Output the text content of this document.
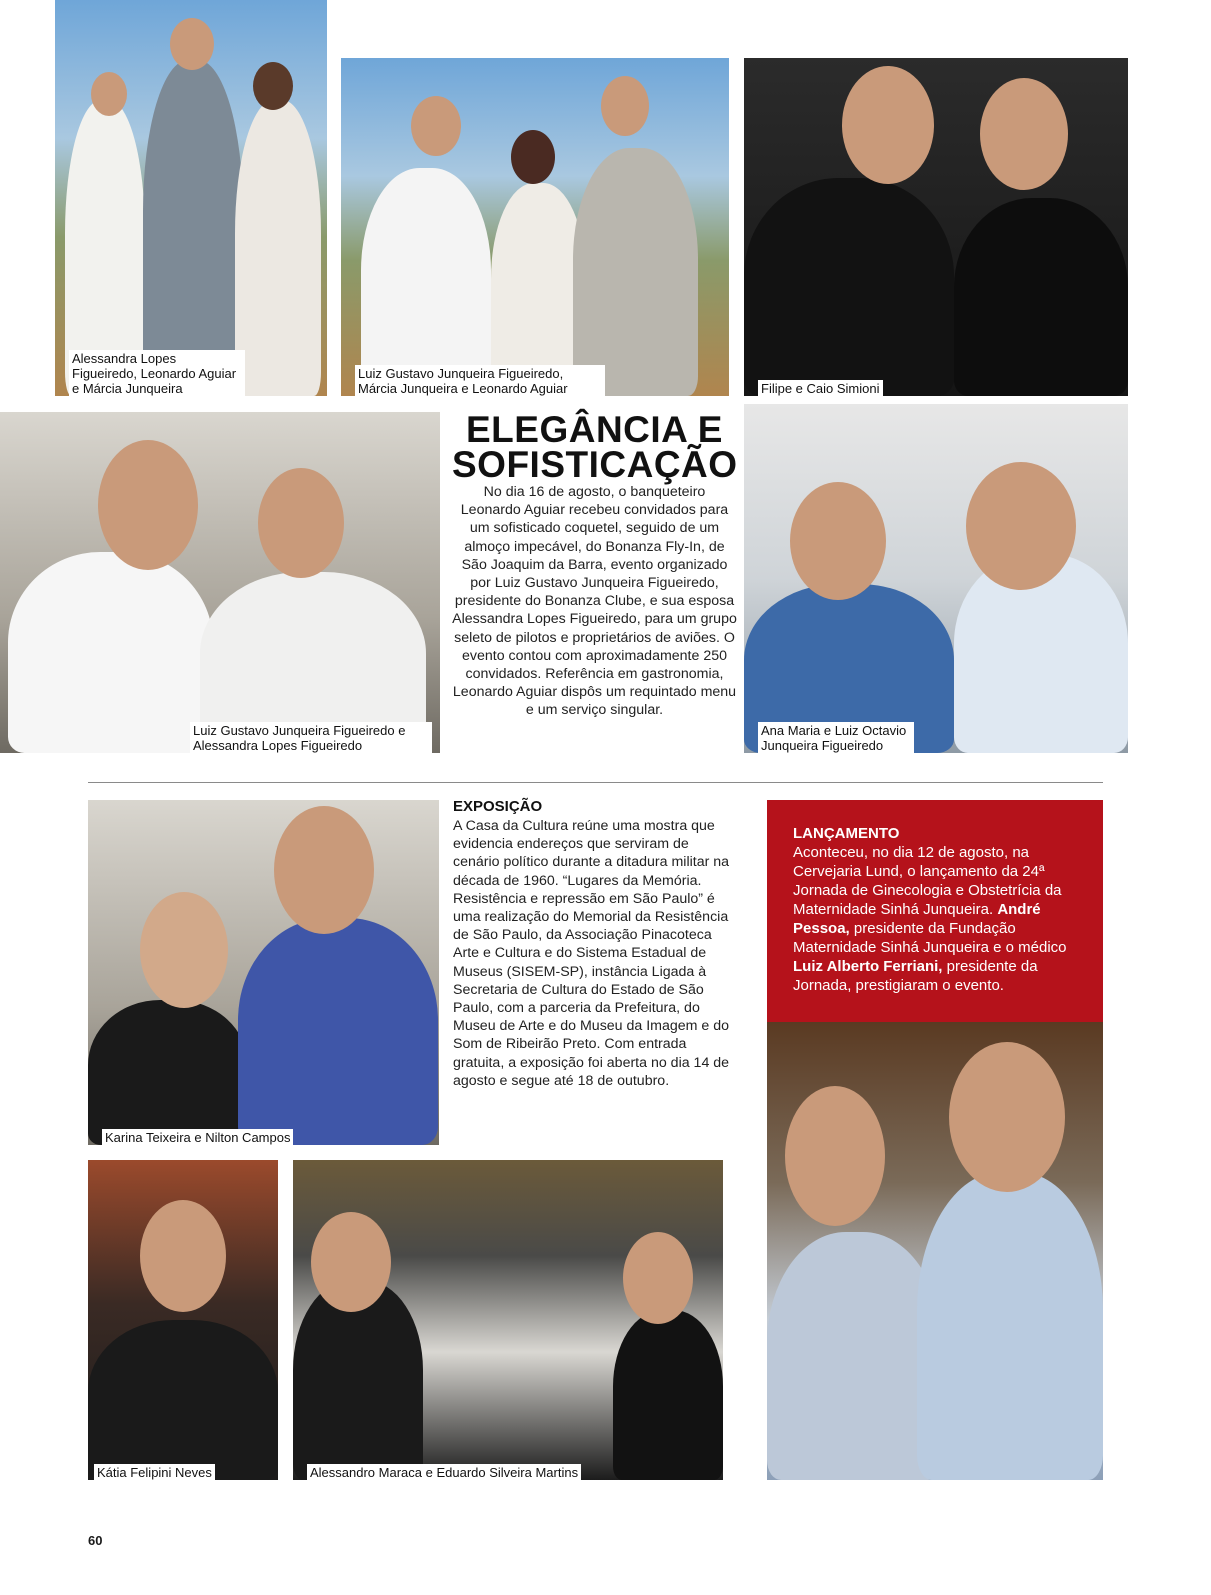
Alessandra Lopes Figueiredo, Leonardo Aguiar e Márcia Junqueira
Luiz Gustavo Junqueira Figueiredo, Márcia Junqueira e Leonardo Aguiar	Filipe e Caio Simioni
Luiz Gustavo Junqueira Figueiredo e Alessandra Lopes Figueiredo
ELEGÂNCIA E SOFISTICAÇÃO
No dia 16 de agosto, o banqueteiro Leonardo Aguiar recebeu convidados para um sofisticado coquetel, seguido de um almoço impecável, do Bonanza Fly-In, de São Joaquim da Barra, evento organizado por Luiz Gustavo Junqueira Figueiredo, presidente do Bonanza Clube, e sua esposa Alessandra Lopes Figueiredo, para um grupo seleto de pilotos e proprietários de aviões. O evento contou com aproximadamente 250 convidados. Referência em gastronomia, Leonardo Aguiar dispôs um requintado menu e um serviço singular.
Ana Maria e Luiz Octavio Junqueira Figueiredo
Karina Teixeira e Nilton Campos
EXPOSIÇÃO
A Casa da Cultura reúne uma mostra que evidencia endereços que serviram de cenário político durante a ditadura militar na década de 1960. “Lugares da Memória. Resistência e repressão em São Paulo” é uma realização do Memorial da Resistência de São Paulo, da Associação Pinacoteca Arte e Cultura e do Sistema Estadual de Museus (SISEM-SP), instância Ligada à Secretaria de Cultura do Estado de São Paulo, com a parceria da Prefeitura, do Museu de Arte e do Museu da Imagem e do Som de Ribeirão Preto. Com entrada gratuita, a exposição foi aberta no dia 14 de agosto e segue até 18 de outubro.
LANÇAMENTO
Aconteceu, no dia 12 de agosto, na Cervejaria Lund, o lançamento da 24ª Jornada de Ginecologia e Obstetrícia da Maternidade Sinhá Junqueira. André Pessoa, presidente da Fundação Maternidade Sinhá Junqueira e o médico Luiz Alberto Ferriani, presidente da Jornada, prestigiaram o evento.
Kátia Felipini Neves	Alessandro Maraca e Eduardo Silveira Martins
60
